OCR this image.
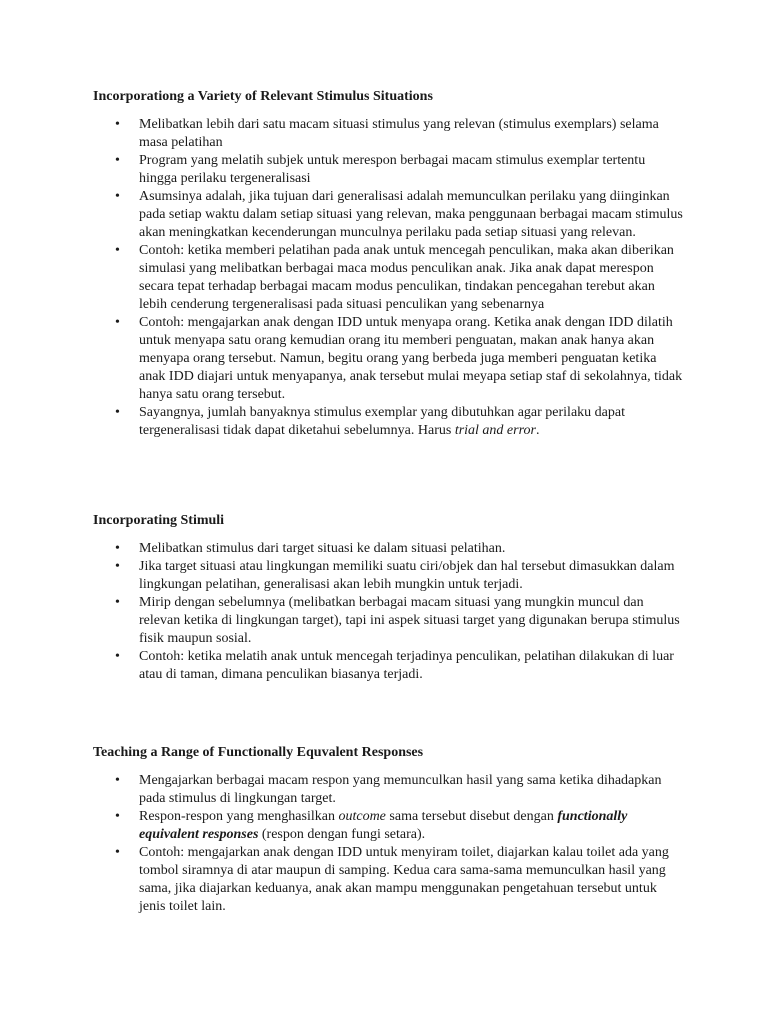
Incorporationg a Variety of Relevant Stimulus Situations

• Melibatkan lebih dari satu macam situasi stimulus yang relevan (stimulus exemplars) selama masa pelatihan
• Program yang melatih subjek untuk merespon berbagai macam stimulus exemplar tertentu hingga perilaku tergeneralisasi
• Asumsinya adalah, jika tujuan dari generalisasi adalah memunculkan perilaku yang diinginkan pada setiap waktu dalam setiap situasi yang relevan, maka penggunaan berbagai macam stimulus akan meningkatkan kecenderungan munculnya perilaku pada setiap situasi yang relevan.
• Contoh: ketika memberi pelatihan pada anak untuk mencegah penculikan, maka akan diberikan simulasi yang melibatkan berbagai maca modus penculikan anak. Jika anak dapat merespon secara tepat terhadap berbagai macam modus penculikan, tindakan pencegahan terebut akan lebih cenderung tergeneralisasi pada situasi penculikan yang sebenarnya
• Contoh: mengajarkan anak dengan IDD untuk menyapa orang. Ketika anak dengan IDD dilatih untuk menyapa satu orang kemudian orang itu memberi penguatan, makan anak hanya akan menyapa orang tersebut. Namun, begitu orang yang berbeda juga memberi penguatan ketika anak IDD diajari untuk menyapanya, anak tersebut mulai meyapa setiap staf di sekolahnya, tidak hanya satu orang tersebut.
• Sayangnya, jumlah banyaknya stimulus exemplar yang dibutuhkan agar perilaku dapat tergeneralisasi tidak dapat diketahui sebelumnya. Harus trial and error.

Incorporating Stimuli

• Melibatkan stimulus dari target situasi ke dalam situasi pelatihan.
• Jika target situasi atau lingkungan memiliki suatu ciri/objek dan hal tersebut dimasukkan dalam lingkungan pelatihan, generalisasi akan lebih mungkin untuk terjadi.
• Mirip dengan sebelumnya (melibatkan berbagai macam situasi yang mungkin muncul dan relevan ketika di lingkungan target), tapi ini aspek situasi target yang digunakan berupa stimulus fisik maupun sosial.
• Contoh: ketika melatih anak untuk mencegah terjadinya penculikan, pelatihan dilakukan di luar atau di taman, dimana penculikan biasanya terjadi.

Teaching a Range of Functionally Equvalent Responses

• Mengajarkan berbagai macam respon yang memunculkan hasil yang sama ketika dihadapkan pada stimulus di lingkungan target.
• Respon-respon yang menghasilkan outcome sama tersebut disebut dengan functionally equivalent responses (respon dengan fungi setara).
• Contoh: mengajarkan anak dengan IDD untuk menyiram toilet, diajarkan kalau toilet ada yang tombol siramnya di atar maupun di samping. Kedua cara sama-sama memunculkan hasil yang sama, jika diajarkan keduanya, anak akan mampu menggunakan pengetahuan tersebut untuk jenis toilet lain.
